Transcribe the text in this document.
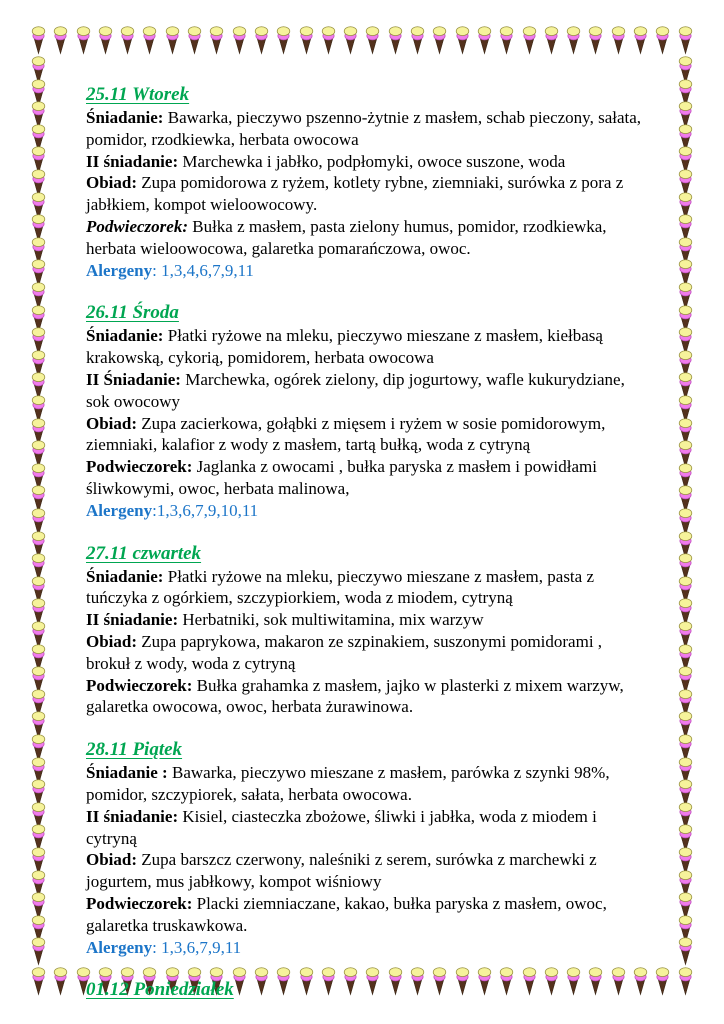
25.11 Wtorek

Śniadanie: Bawarka, pieczywo pszenno-żytnie z masłem, schab pieczony, sałata, pomidor, rzodkiewka, herbata owocowa

II śniadanie: Marchewka i jabłko, podpłomyki, owoce suszone, woda

Obiad: Zupa pomidorowa z ryżem, kotlety rybne, ziemniaki, surówka z pora z jabłkiem, kompot wieloowocowy.

Podwieczorek: Bułka z masłem, pasta zielony humus, pomidor, rzodkiewka, herbata wieloowocowa, galaretka pomarańczowa, owoc.

Alergeny: 1,3,4,6,7,9,11

26.11 Środa

Śniadanie: Płatki ryżowe na mleku, pieczywo mieszane z masłem, kiełbasą krakowską, cykorią, pomidorem, herbata owocowa

II Śniadanie: Marchewka, ogórek zielony, dip jogurtowy, wafle kukurydziane, sok owocowy

Obiad: Zupa zacierkowa, gołąbki z mięsem i ryżem w sosie pomidorowym, ziemniaki, kalafior z wody z masłem, tartą bułką, woda z cytryną

Podwieczorek: Jaglanka z owocami , bułka paryska z masłem i powidłami śliwkowymi, owoc, herbata malinowa,

Alergeny:1,3,6,7,9,10,11

27.11 czwartek

Śniadanie: Płatki ryżowe na mleku, pieczywo mieszane z masłem, pasta z tuńczyka z ogórkiem, szczypiorkiem, woda z miodem, cytryną

II śniadanie: Herbatniki, sok multiwitamina, mix warzyw

Obiad: Zupa paprykowa, makaron ze szpinakiem, suszonymi pomidorami , brokuł z wody, woda z cytryną

Podwieczorek: Bułka grahamka z masłem, jajko w plasterki z mixem warzyw, galaretka owocowa, owoc, herbata żurawinowa.

28.11 Piątek

Śniadanie : Bawarka, pieczywo mieszane z masłem, parówka z szynki 98%, pomidor, szczypiorek, sałata, herbata owocowa.

II śniadanie: Kisiel, ciasteczka zbożowe, śliwki i jabłka, woda z miodem i cytryną

Obiad: Zupa barszcz czerwony, naleśniki z serem, surówka z marchewki z jogurtem, mus jabłkowy, kompot wiśniowy

Podwieczorek: Placki ziemniaczane, kakao, bułka paryska z masłem, owoc, galaretka truskawkowa.

Alergeny: 1,3,6,7,9,11

01.12 Poniedziałek
